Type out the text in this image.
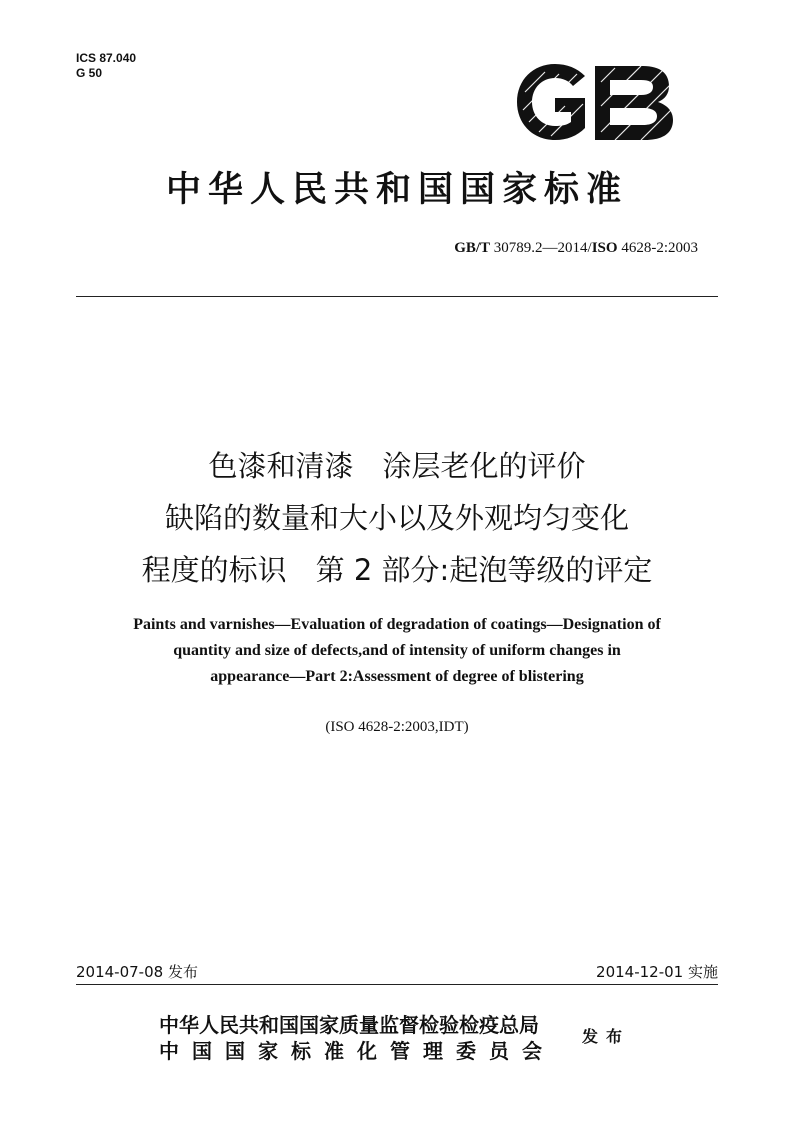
ICS 87.040
G 50
中华人民共和国国家标准
GB/T 30789.2—2014/ISO 4628-2:2003
色漆和清漆　涂层老化的评价
缺陷的数量和大小以及外观均匀变化
程度的标识　第 2 部分:起泡等级的评定
Paints and varnishes—Evaluation of degradation of coatings—Designation of
quantity and size of defects,and of intensity of uniform changes in
appearance—Part 2:Assessment of degree of blistering
(ISO 4628-2:2003,IDT)
2014-07-08 发布	2014-12-01 实施
中华人民共和国国家质量监督检验检疫总局
中国国家标准化管理委员会
发布
